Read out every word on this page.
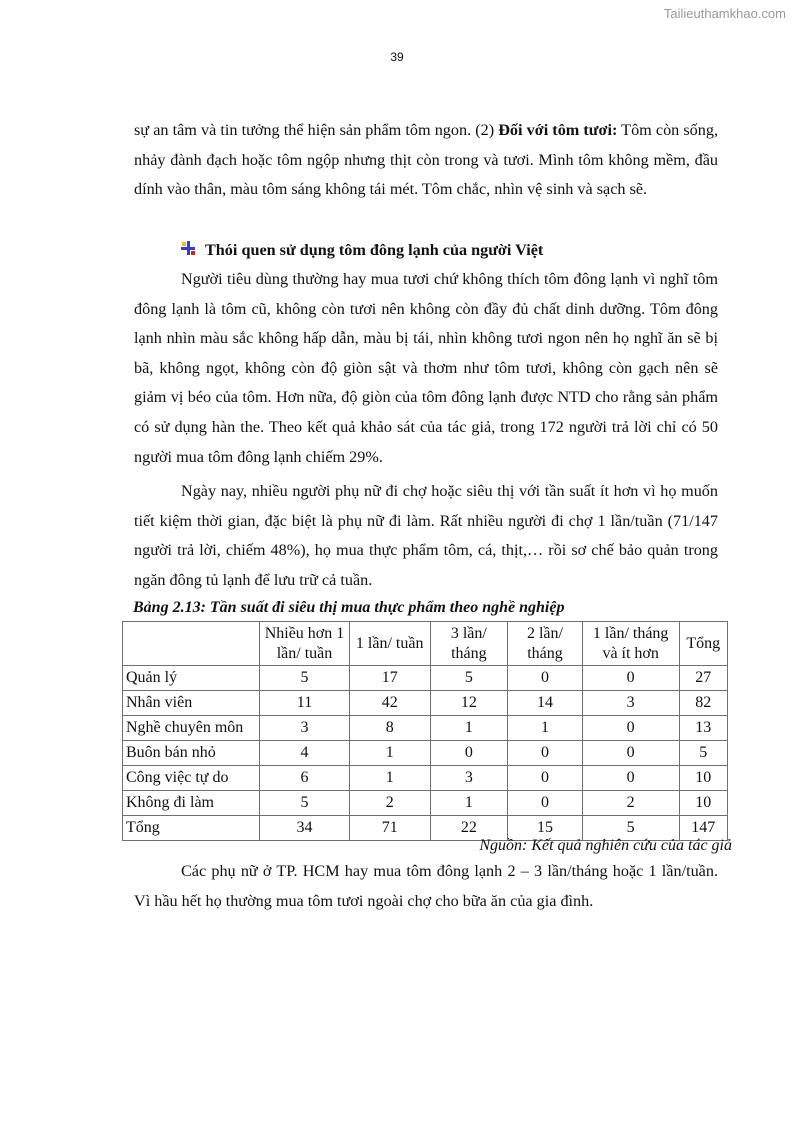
Tailieuthamkhao.com
39

sự an tâm và tin tưởng thể hiện sản phẩm tôm ngon. (2) Đối với tôm tươi: Tôm còn sống, nhảy đành đạch hoặc tôm ngộp nhưng thịt còn trong và tươi. Mình tôm không mềm, đầu dính vào thân, màu tôm sáng không tái mét. Tôm chắc, nhìn vệ sinh và sạch sẽ.

Thói quen sử dụng tôm đông lạnh của người Việt

Người tiêu dùng thường hay mua tươi chứ không thích tôm đông lạnh vì nghĩ tôm đông lạnh là tôm cũ, không còn tươi nên không còn đầy đủ chất dinh dưỡng. Tôm đông lạnh nhìn màu sắc không hấp dẫn, màu bị tái, nhìn không tươi ngon nên họ nghĩ ăn sẽ bị bã, không ngọt, không còn độ giòn sật và thơm như tôm tươi, không còn gạch nên sẽ giảm vị béo của tôm. Hơn nữa, độ giòn của tôm đông lạnh được NTD cho rằng sản phẩm có sử dụng hàn the. Theo kết quả khảo sát của tác giả, trong 172 người trả lời chỉ có 50 người mua tôm đông lạnh chiếm 29%.

Ngày nay, nhiều người phụ nữ đi chợ hoặc siêu thị với tần suất ít hơn vì họ muốn tiết kiệm thời gian, đặc biệt là phụ nữ đi làm. Rất nhiều người đi chợ 1 lần/tuần (71/147 người trả lời, chiếm 48%), họ mua thực phẩm tôm, cá, thịt,… rồi sơ chế bảo quản trong ngăn đông tủ lạnh để lưu trữ cả tuần.

Bảng 2.13: Tần suất đi siêu thị mua thực phẩm theo nghề nghiệp
	Nhiều hơn 1 lần/ tuần	1 lần/ tuần	3 lần/ tháng	2 lần/ tháng	1 lần/ tháng và ít hơn	Tổng
Quản lý	5	17	5	0	0	27
Nhân viên	11	42	12	14	3	82
Nghề chuyên môn	3	8	1	1	0	13
Buôn bán nhỏ	4	1	0	0	0	5
Công việc tự do	6	1	3	0	0	10
Không đi làm	5	2	1	0	2	10
Tổng	34	71	22	15	5	147
Nguồn: Kết quả nghiên cứu của tác giả

Các phụ nữ ở TP. HCM hay mua tôm đông lạnh 2 – 3 lần/tháng hoặc 1 lần/tuần. Vì hầu hết họ thường mua tôm tươi ngoài chợ cho bữa ăn của gia đình.
